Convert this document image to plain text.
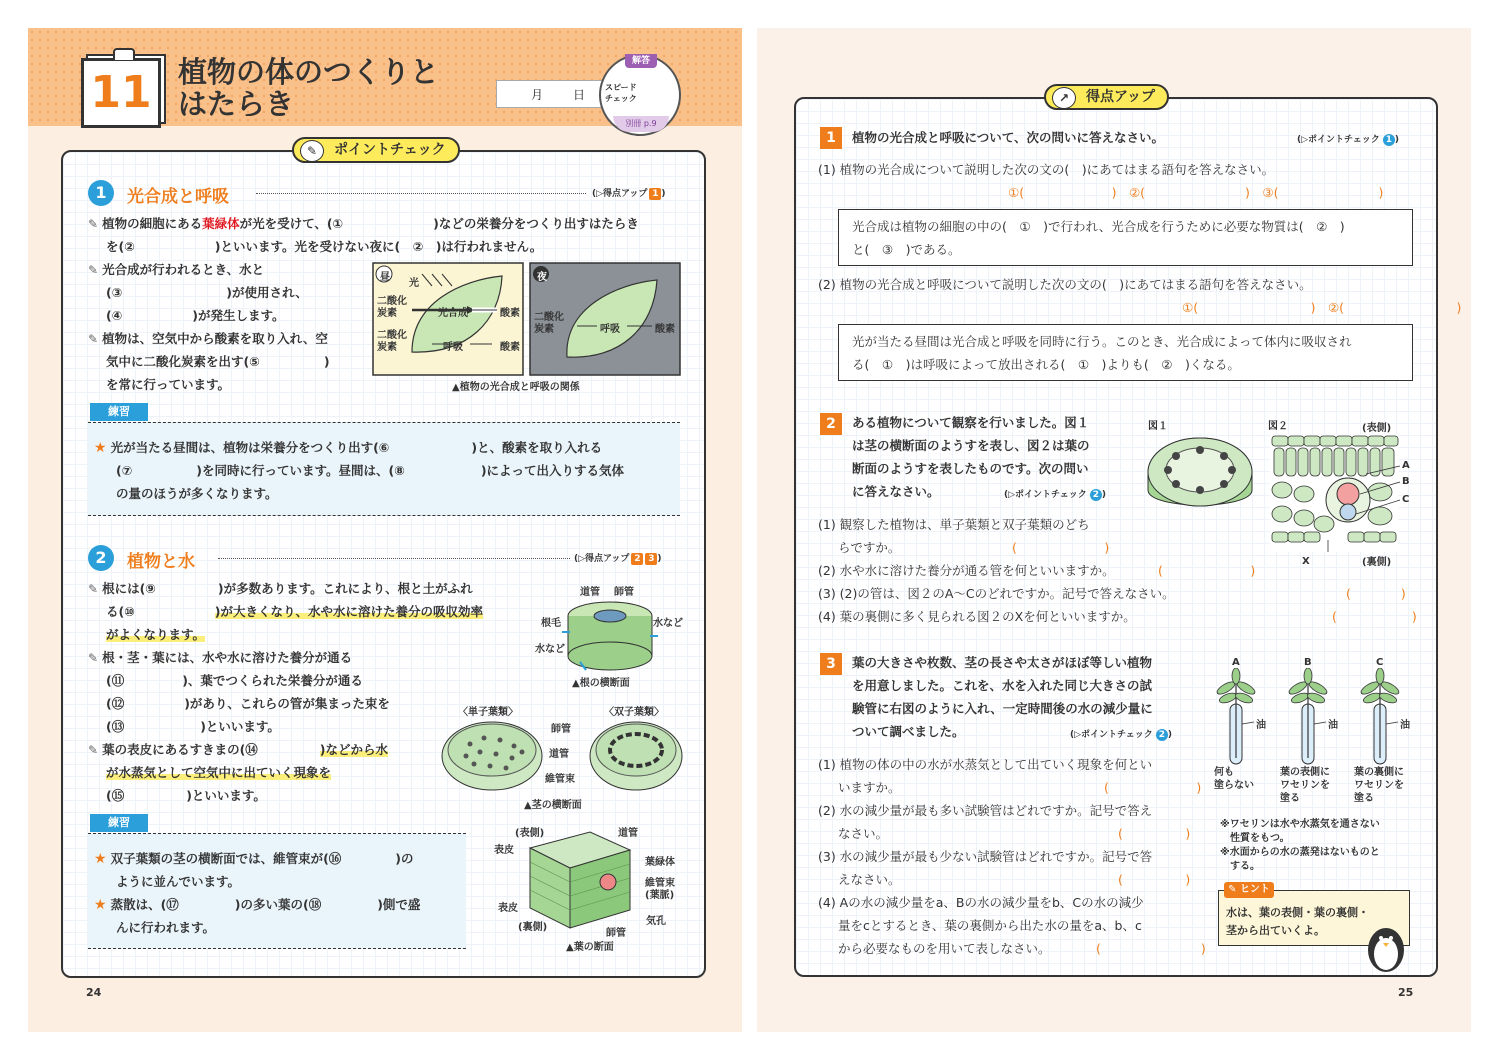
11 植物の体のつくりと
はたらき	月 日
解答
スピード
チェック
別冊 p.9
✎	ポイントチェック
1	光合成と呼吸	(▷得点アップ 1 )
✎ 植物の細胞にある葉緑体が光を受けて、(①	)などの栄養分をつくり出すはたらき
を(②	)といいます。光を受けない夜に(　②　)は行われません。
✎ 光合成が行われるとき、水と
(③	)が使用され、
(④	)が発生します。
✎ 植物は、空気中から酸素を取り入れ、空
気中に二酸化炭素を出す(⑤	)
を常に行っています。
昼	夜
光
二酸化炭素	光合成	酸素
二酸化炭素	呼吸	酸素
二酸化炭素	呼吸	酸素
▲植物の光合成と呼吸の関係
練習
★ 光が当たる昼間は、植物は栄養分をつくり出す(⑥	)と、酸素を取り入れる
(⑦	)を同時に行っています。昼間は、(⑧	)によって出入りする気体
の量のほうが多くなります。
2	植物と水	(▷得点アップ 2 3 )
✎ 根には(⑨	)が多数あります。これにより、根と土がふれ
る(⑩	)が大きくなり、水や水に溶けた養分の吸収効率
がよくなります。
✎ 根・茎・葉には、水や水に溶けた養分が通る
(⑪	)、葉でつくられた栄養分が通る
(⑫	)があり、これらの管が集まった束を
(⑬	)といいます。
✎ 葉の表皮にあるすきまの(⑭	)などから水
が水蒸気として空気中に出ていく現象を
(⑮	)といいます。
道管 師管
根毛	水など
水など
▲根の横断面
〈単子葉類〉	〈双子葉類〉
師管
道管
維管束
▲茎の横断面
(表側)	道管
表皮
葉緑体
維管束(葉脈)
表皮
(裏側)
師管
気孔
▲葉の断面
練習
★ 双子葉類の茎の横断面では、維管束が(⑯	)の
ように並んでいます。
★ 蒸散は、(⑰	)の多い葉の(⑱	)側で盛
んに行われます。
24
↗	得点アップ
1	植物の光合成と呼吸について、次の問いに答えなさい。	(▷ポイントチェック 1 )
(1) 植物の光合成について説明した次の文の(　)にあてはまる語句を答えなさい。
①(　　　　　　　)　②(　　　　　　　　)　③(　　　　　　　　)
光合成は植物の細胞の中の(　①　)で行われ、光合成を行うために必要な物質は(　②　)
と(　③　)である。
(2) 植物の光合成と呼吸について説明した次の文の(　)にあてはまる語句を答えなさい。
①(　　　　　　　　　)　②(　　　　　　　　　)
光が当たる昼間は光合成と呼吸を同時に行う。このとき、光合成によって体内に吸収され
る(　①　)は呼吸によって放出される(　①　)よりも(　②　)くなる。
2	ある植物について観察を行いました。図１
は茎の横断面のようすを表し、図２は葉の
断面のようすを表したものです。次の問い
に答えなさい。	(▷ポイントチェック 2 )
図１	図２	(表側)
(裏側)
A
B
C
X
(1) 観察した植物は、単子葉類と双子葉類のどち
らですか。	(　　　　　　　)
(2) 水や水に溶けた養分が通る管を何といいますか。	(　　　　　　　)
(3) (2)の管は、図２のA～Cのどれですか。記号で答えなさい。	(　　　　)
(4) 葉の裏側に多く見られる図２のXを何といいますか。	(　　　　　　)
3	葉の大きさや枚数、茎の長さや太さがほぼ等しい植物
を用意しました。これを、水を入れた同じ大きさの試
験管に右図のように入れ、一定時間後の水の減少量に
ついて調べました。	(▷ポイントチェック 2 )
A	B	C
油	油	油
何も
塗らない
葉の表側に
ワセリンを
塗る
葉の裏側に
ワセリンを
塗る
(1) 植物の体の中の水が水蒸気として出ていく現象を何とい
いますか。	(　　　　　　　)
(2) 水の減少量が最も多い試験管はどれですか。記号で答え
なさい。	(　　　　　)
(3) 水の減少量が最も少ない試験管はどれですか。記号で答
えなさい。	(　　　　　)
(4) Aの水の減少量をa、Bの水の減少量をb、Cの水の減少
量をcとするとき、葉の裏側から出た水の量をa、b、c
から必要なものを用いて表しなさい。	(　　　　　　　　)
※ワセリンは水や水蒸気を通さない
性質をもつ。
※水面からの水の蒸発はないものと
する。
✎ ヒント
水は、葉の表側・葉の裏側・
茎から出ていくよ。
25
